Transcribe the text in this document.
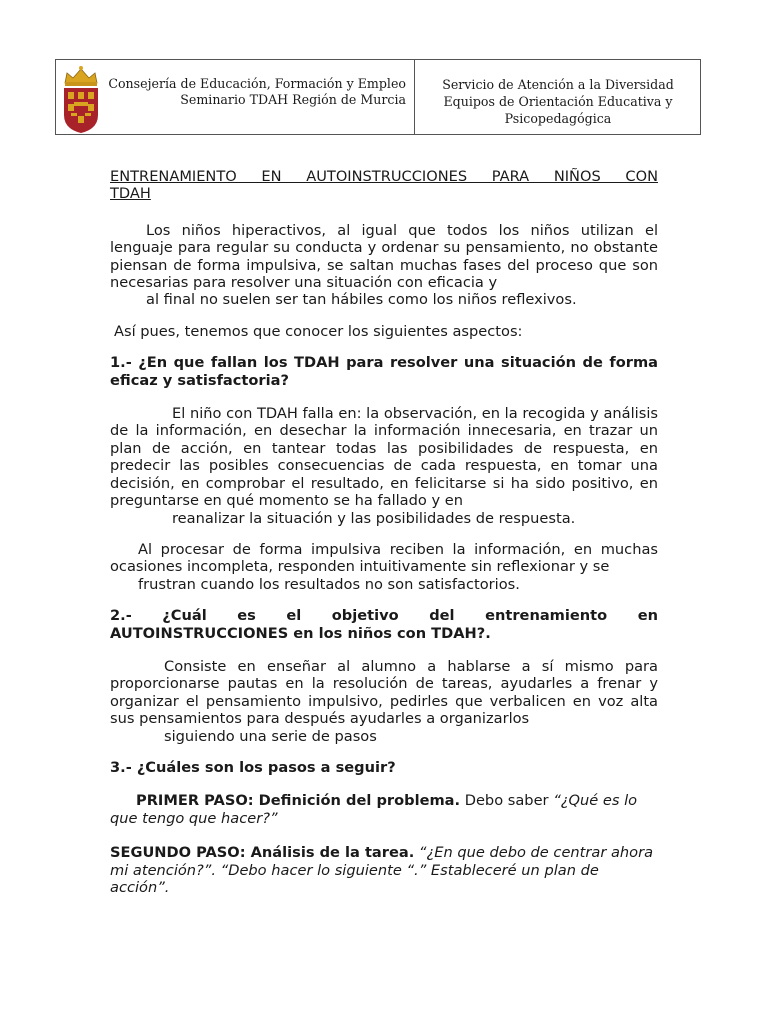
Consejería de Educación, Formación y Empleo
Seminario TDAH Región de Murcia
Servicio de Atención a la Diversidad
Equipos de Orientación Educativa y
Psicopedagógica
ENTRENAMIENTO EN AUTOINSTRUCCIONES PARA NIÑOS CON
TDAH
Los niños hiperactivos, al igual que todos los niños utilizan el lenguaje para regular su conducta y ordenar su pensamiento, no obstante piensan de forma impulsiva, se saltan muchas fases del proceso que son necesarias para resolver una situación con eficacia y
al final no suelen ser tan hábiles como los niños reflexivos.
Así pues, tenemos que conocer los siguientes aspectos:
1.- ¿En que fallan los TDAH para resolver una situación de forma eficaz y satisfactoria?
El niño con TDAH falla en: la observación, en la recogida y análisis de la información, en desechar la información innecesaria, en trazar un plan de acción, en tantear todas las posibilidades de respuesta, en predecir las posibles consecuencias de cada respuesta, en tomar una decisión, en comprobar el resultado, en felicitarse si ha sido positivo, en preguntarse en qué momento se ha fallado y en
reanalizar la situación y las posibilidades de respuesta.
Al procesar de forma impulsiva reciben la información, en muchas ocasiones incompleta, responden intuitivamente sin reflexionar y se
frustran cuando los resultados no son satisfactorios.
2.- ¿Cuál es el objetivo del entrenamiento en
AUTOINSTRUCCIONES en los niños con TDAH?.
Consiste en enseñar al alumno a hablarse a sí mismo para proporcionarse pautas en la resolución de tareas, ayudarles a frenar y organizar el pensamiento impulsivo, pedirles que verbalicen en voz alta sus pensamientos para después ayudarles a organizarlos
siguiendo una serie de pasos
3.- ¿Cuáles son los pasos a seguir?
PRIMER PASO: Definición del problema. Debo saber “¿Qué es lo que tengo que hacer?”
SEGUNDO PASO: Análisis de la tarea. “¿En que debo de centrar ahora mi atención?”. “Debo hacer lo siguiente “.” Estableceré un plan de acción”.
